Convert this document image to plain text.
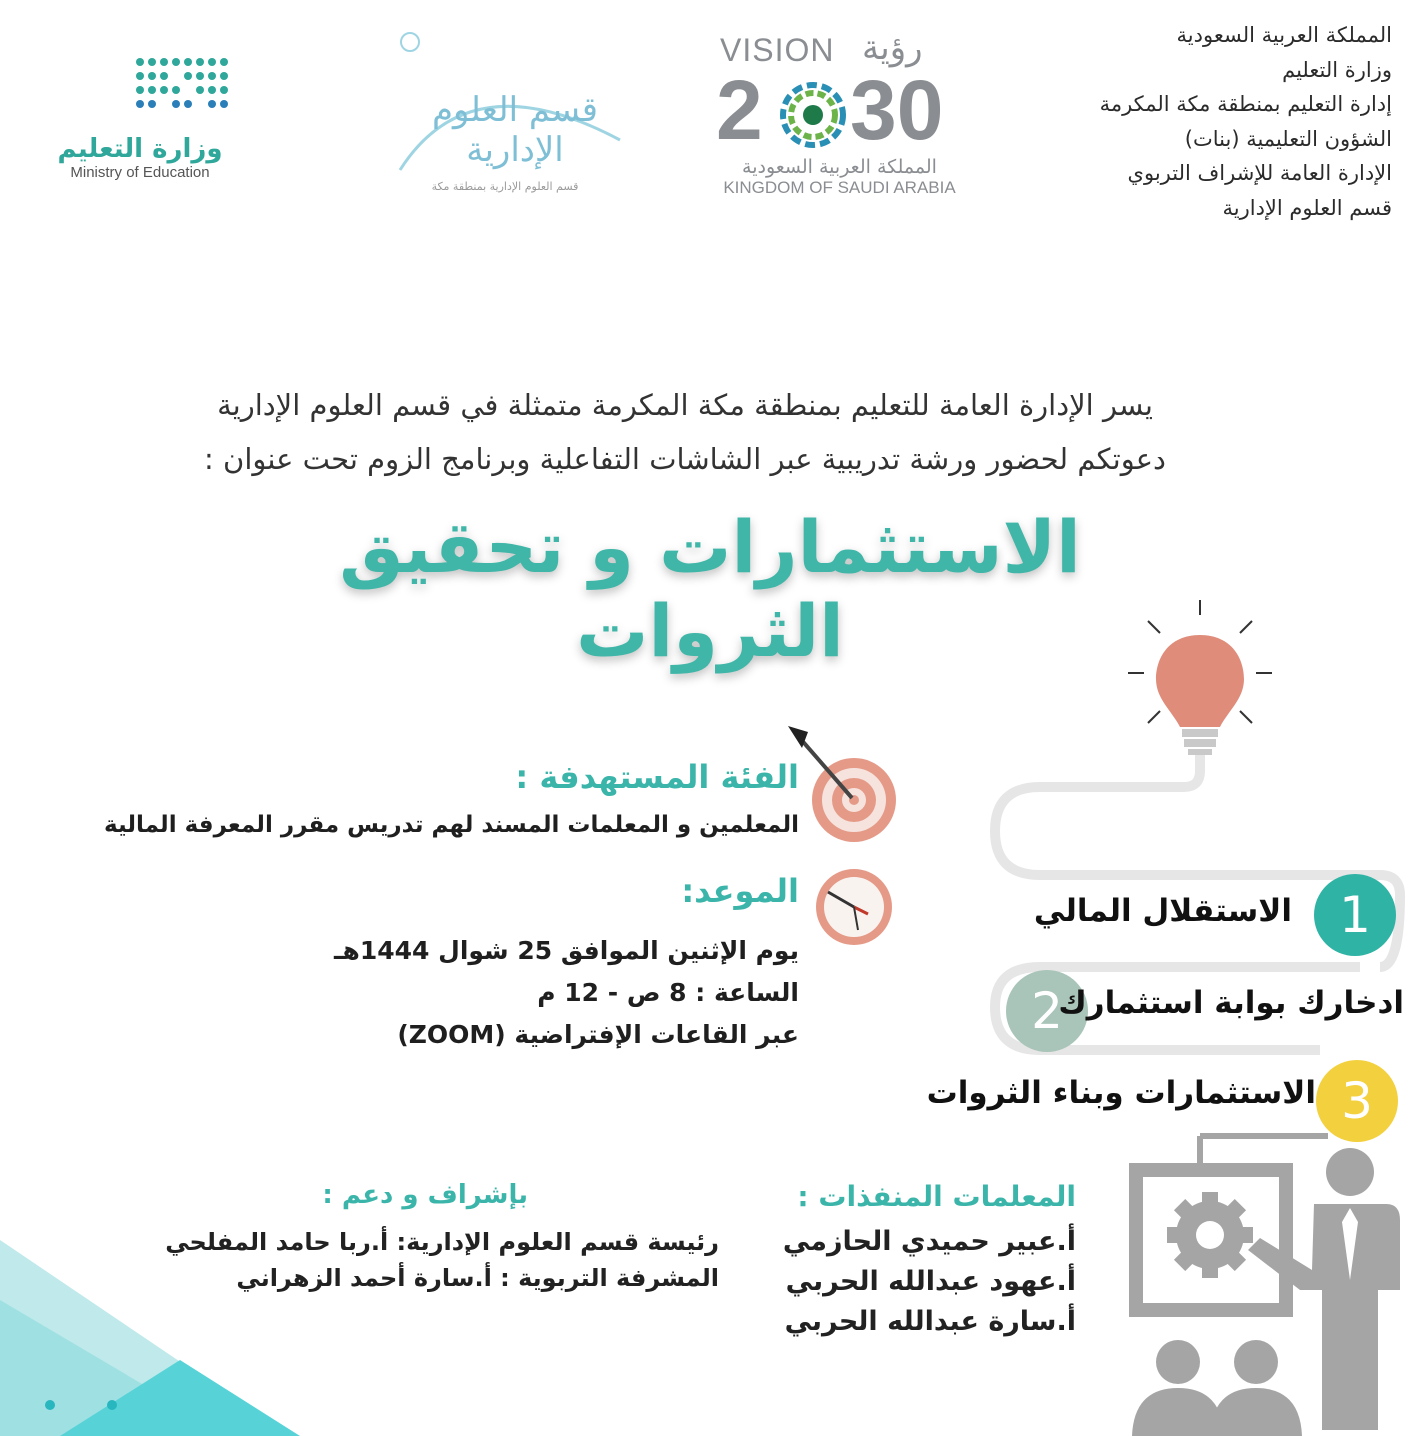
المملكة العربية السعودية
وزارة التعليم
إدارة التعليم بمنطقة مكة المكرمة
الشؤون التعليمية (بنات)
الإدارة العامة للإشراف التربوي
قسم العلوم الإدارية
وزارة التعليم
Ministry of Education
قسم العلوم الإدارية
قسم العلوم الإدارية بمنطقة مكة
VISION رؤية
2 30
المملكة العربية السعودية
KINGDOM OF SAUDI ARABIA
يسر الإدارة العامة للتعليم بمنطقة مكة المكرمة متمثلة في قسم العلوم الإدارية
دعوتكم لحضور ورشة تدريبية عبر الشاشات التفاعلية وبرنامج الزوم تحت عنوان :
الاستثمارات و تحقيق الثروات
1
2
3
الاستقلال المالي
ادخارك بوابة استثمارك
الاستثمارات وبناء الثروات
الفئة المستهدفة :
المعلمين و المعلمات المسند لهم تدريس مقرر المعرفة المالية
الموعد:
يوم الإثنين الموافق 25 شوال 1444هـ
الساعة : 8 ص - 12 م
عبر القاعات الإفتراضية (ZOOM)
المعلمات المنفذات :
أ.عبير حميدي الحازمي
أ.عهود عبدالله الحربي
أ.سارة عبدالله الحربي
بإشراف و دعم :
رئيسة قسم العلوم الإدارية: أ.ربا حامد المفلحي
المشرفة التربوية : أ.سارة أحمد الزهراني
